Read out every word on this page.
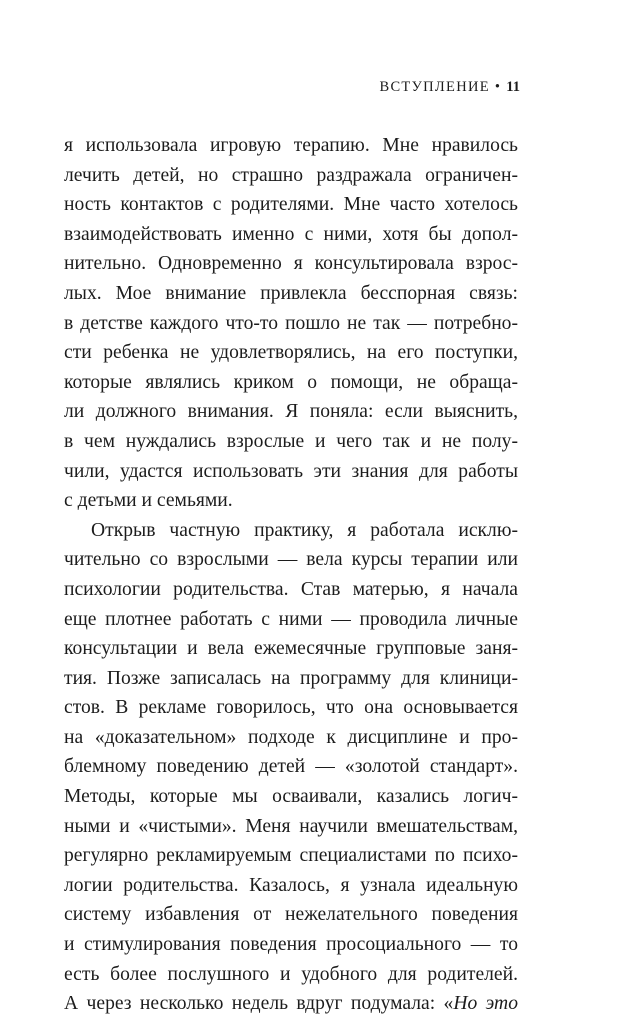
ВСТУПЛЕНИЕ • 11
я использовала игровую терапию. Мне нравилось
лечить детей, но страшно раздражала ограничен-
ность контактов с родителями. Мне часто хотелось
взаимодействовать именно с ними, хотя бы допол-
нительно. Одновременно я консультировала взрос-
лых. Мое внимание привлекла бесспорная связь:
в детстве каждого что-то пошло не так — потребно-
сти ребенка не удовлетворялись, на его поступки,
которые являлись криком о помощи, не обраща-
ли должного внимания. Я поняла: если выяснить,
в чем нуждались взрослые и чего так и не полу-
чили, удастся использовать эти знания для работы
с детьми и семьями.
Открыв частную практику, я работала исклю-
чительно со взрослыми — вела курсы терапии или
психологии родительства. Став матерью, я начала
еще плотнее работать с ними — проводила личные
консультации и вела ежемесячные групповые заня-
тия. Позже записалась на программу для клиници-
стов. В рекламе говорилось, что она основывается
на «доказательном» подходе к дисциплине и про-
блемному поведению детей — «золотой стандарт».
Методы, которые мы осваивали, казались логич-
ными и «чистыми». Меня научили вмешательствам,
регулярно рекламируемым специалистами по психо-
логии родительства. Казалось, я узнала идеальную
систему избавления от нежелательного поведения
и стимулирования поведения просоциального — то
есть более послушного и удобного для родителей.
А через несколько недель вдруг подумала: «Но это
